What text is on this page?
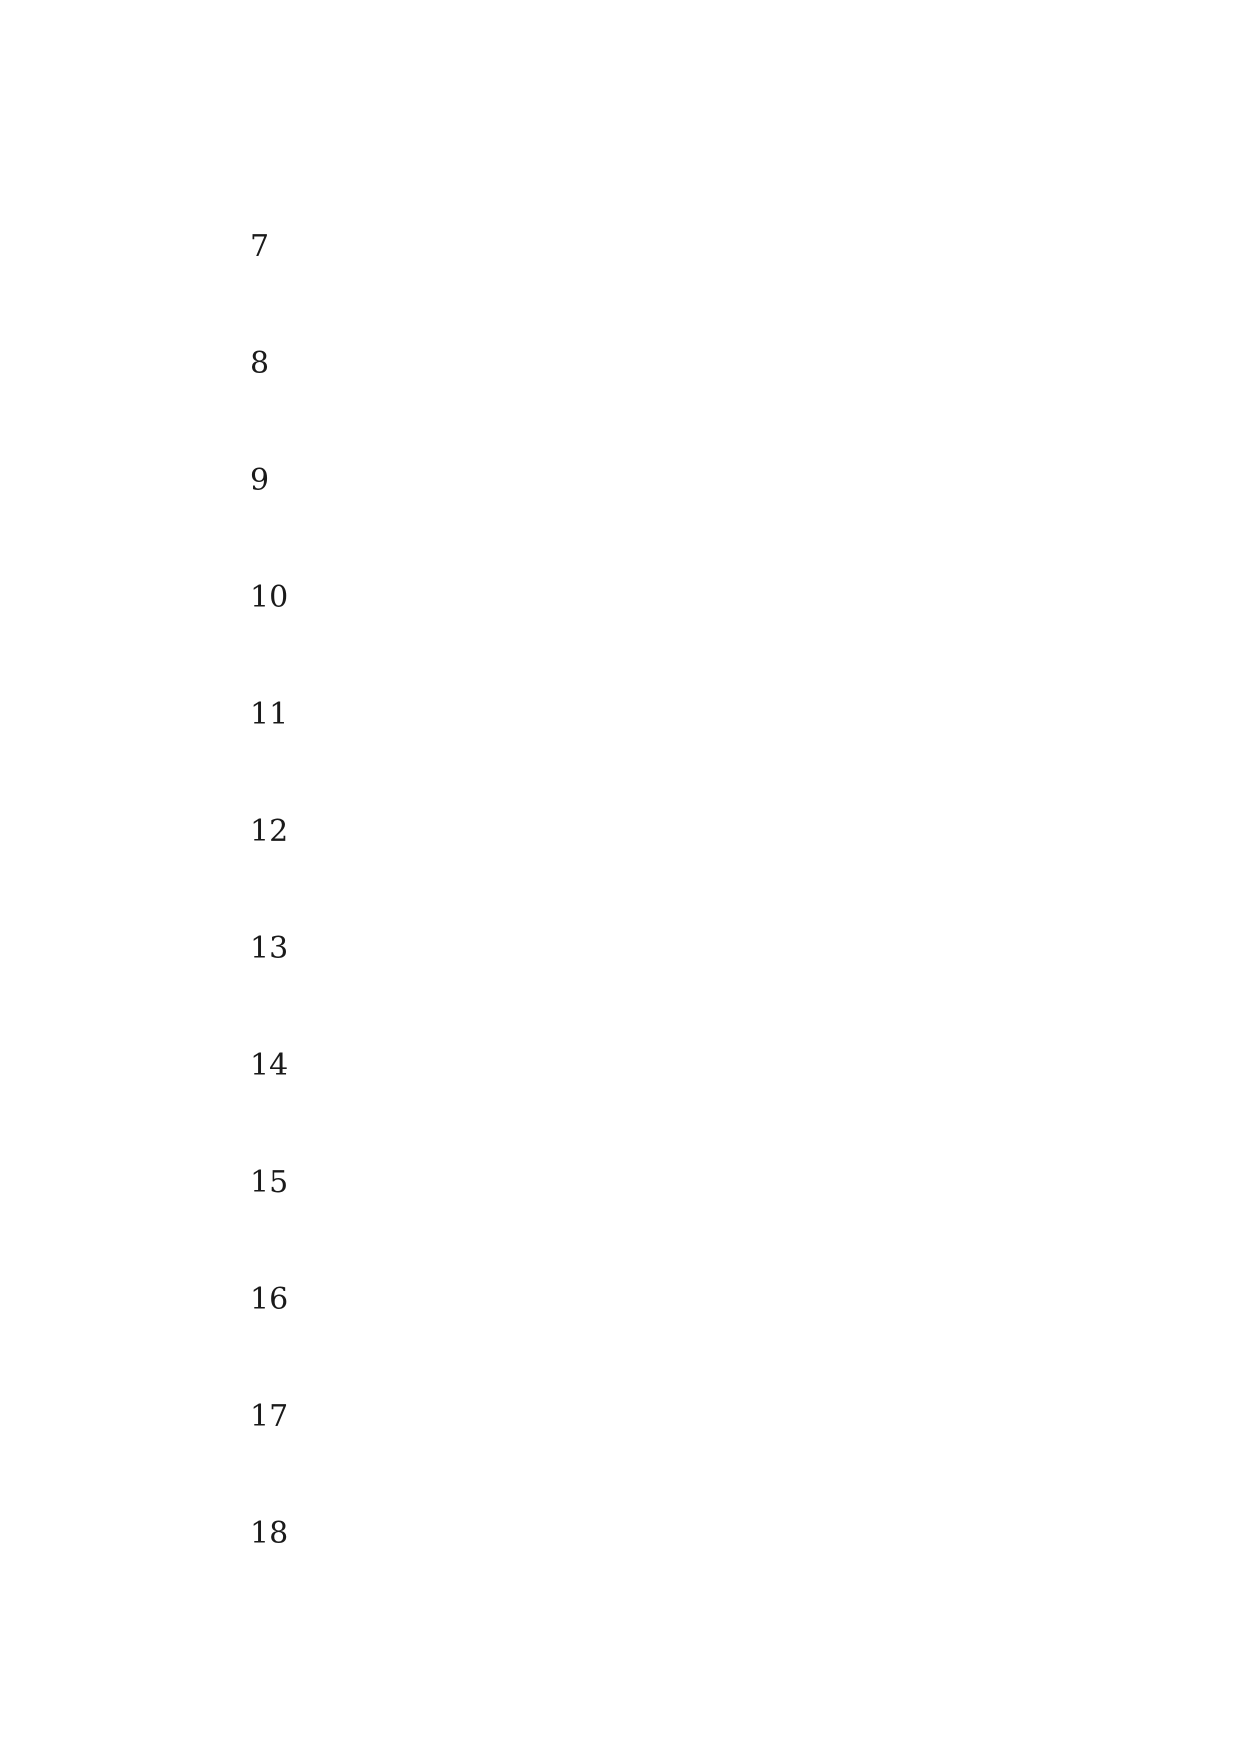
7

8

9

10

11

12

13

14

15

16

17

18
